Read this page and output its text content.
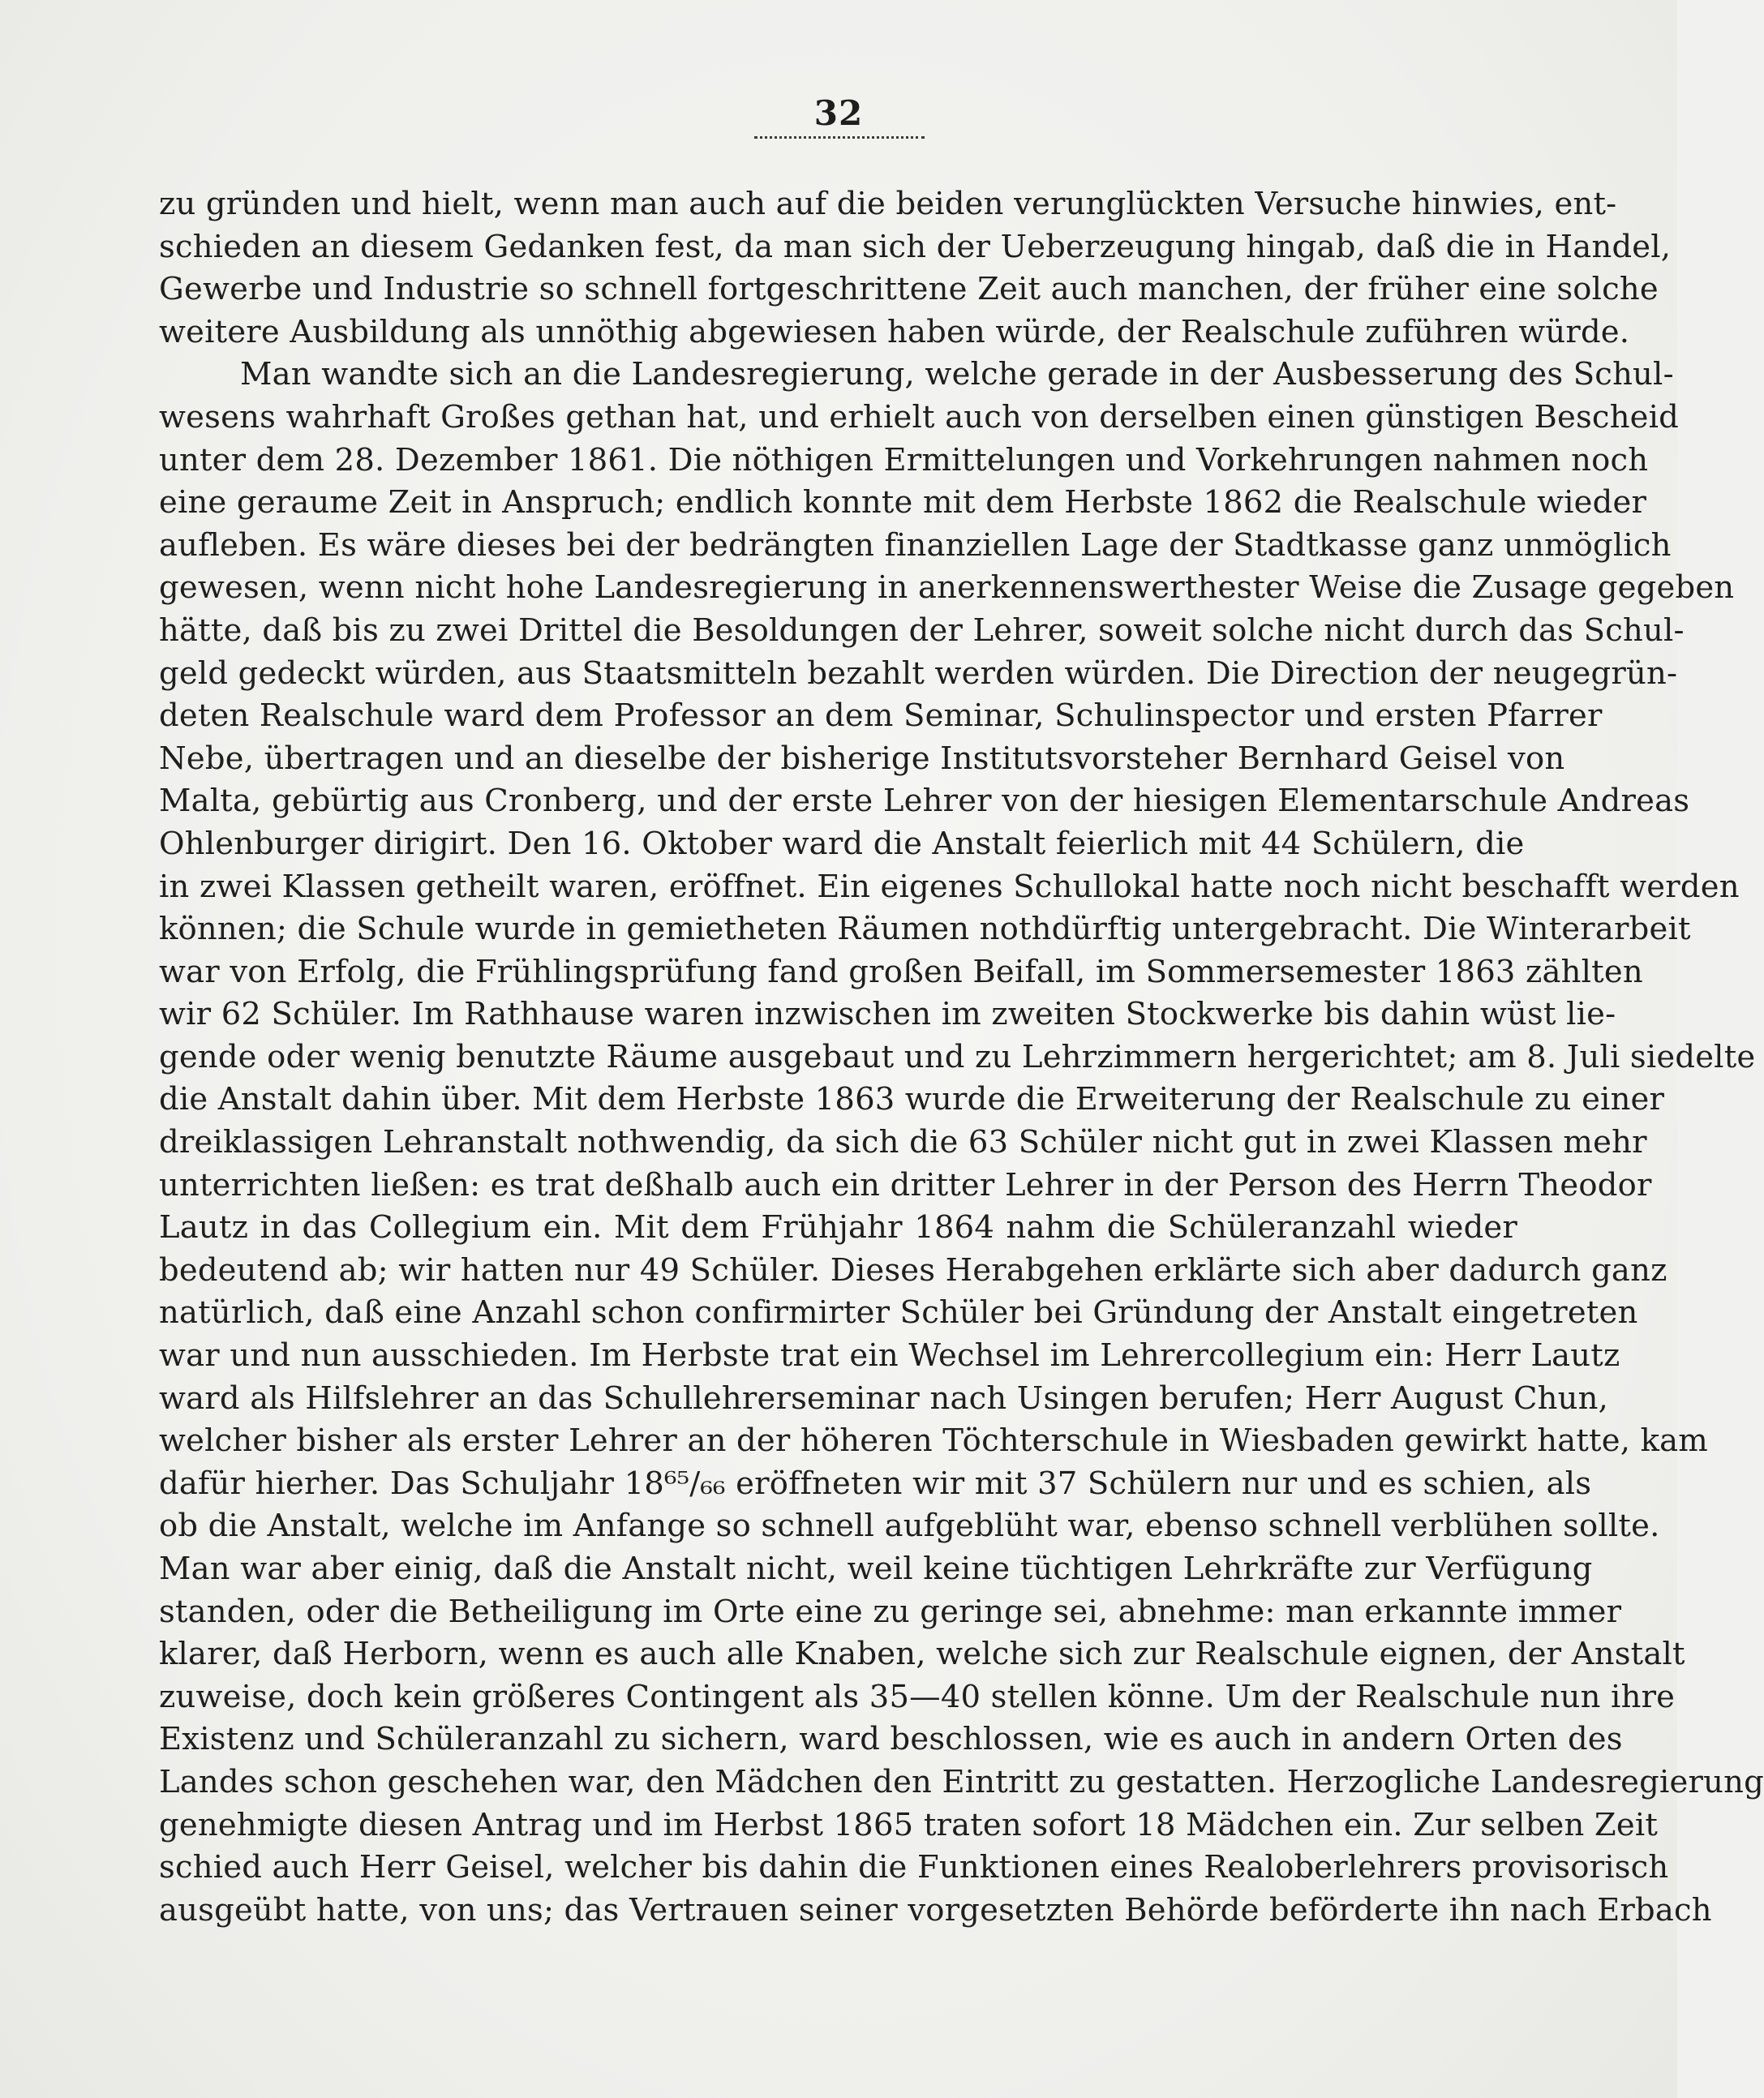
32
zu gründen und hielt, wenn man auch auf die beiden verunglückten Versuche hinwies, ent-
schieden an diesem Gedanken fest, da man sich der Ueberzeugung hingab, daß die in Handel,
Gewerbe und Industrie so schnell fortgeschrittene Zeit auch manchen, der früher eine solche
weitere Ausbildung als unnöthig abgewiesen haben würde, der Realschule zuführen würde.
Man wandte sich an die Landesregierung, welche gerade in der Ausbesserung des Schul-
wesens wahrhaft Großes gethan hat, und erhielt auch von derselben einen günstigen Bescheid
unter dem 28. Dezember 1861. Die nöthigen Ermittelungen und Vorkehrungen nahmen noch
eine geraume Zeit in Anspruch; endlich konnte mit dem Herbste 1862 die Realschule wieder
aufleben. Es wäre dieses bei der bedrängten finanziellen Lage der Stadtkasse ganz unmöglich
gewesen, wenn nicht hohe Landesregierung in anerkennenswerthester Weise die Zusage gegeben
hätte, daß bis zu zwei Drittel die Besoldungen der Lehrer, soweit solche nicht durch das Schul-
geld gedeckt würden, aus Staatsmitteln bezahlt werden würden. Die Direction der neugegrün-
deten Realschule ward dem Professor an dem Seminar, Schulinspector und ersten Pfarrer
Nebe, übertragen und an dieselbe der bisherige Institutsvorsteher Bernhard Geisel von
Malta, gebürtig aus Cronberg, und der erste Lehrer von der hiesigen Elementarschule Andreas
Ohlenburger dirigirt. Den 16. Oktober ward die Anstalt feierlich mit 44 Schülern, die
in zwei Klassen getheilt waren, eröffnet. Ein eigenes Schullokal hatte noch nicht beschafft werden
können; die Schule wurde in gemietheten Räumen nothdürftig untergebracht. Die Winterarbeit
war von Erfolg, die Frühlingsprüfung fand großen Beifall, im Sommersemester 1863 zählten
wir 62 Schüler. Im Rathhause waren inzwischen im zweiten Stockwerke bis dahin wüst lie-
gende oder wenig benutzte Räume ausgebaut und zu Lehrzimmern hergerichtet; am 8. Juli siedelte
die Anstalt dahin über. Mit dem Herbste 1863 wurde die Erweiterung der Realschule zu einer
dreiklassigen Lehranstalt nothwendig, da sich die 63 Schüler nicht gut in zwei Klassen mehr
unterrichten ließen: es trat deßhalb auch ein dritter Lehrer in der Person des Herrn Theodor
Lautz in das Collegium ein. Mit dem Frühjahr 1864 nahm die Schüleranzahl wieder
bedeutend ab; wir hatten nur 49 Schüler. Dieses Herabgehen erklärte sich aber dadurch ganz
natürlich, daß eine Anzahl schon confirmirter Schüler bei Gründung der Anstalt eingetreten
war und nun ausschieden. Im Herbste trat ein Wechsel im Lehrercollegium ein: Herr Lautz
ward als Hilfslehrer an das Schullehrerseminar nach Usingen berufen; Herr August Chun,
welcher bisher als erster Lehrer an der höheren Töchterschule in Wiesbaden gewirkt hatte, kam
dafür hierher. Das Schuljahr 18⁶⁵/₆₆ eröffneten wir mit 37 Schülern nur und es schien, als
ob die Anstalt, welche im Anfange so schnell aufgeblüht war, ebenso schnell verblühen sollte.
Man war aber einig, daß die Anstalt nicht, weil keine tüchtigen Lehrkräfte zur Verfügung
standen, oder die Betheiligung im Orte eine zu geringe sei, abnehme: man erkannte immer
klarer, daß Herborn, wenn es auch alle Knaben, welche sich zur Realschule eignen, der Anstalt
zuweise, doch kein größeres Contingent als 35—40 stellen könne. Um der Realschule nun ihre
Existenz und Schüleranzahl zu sichern, ward beschlossen, wie es auch in andern Orten des
Landes schon geschehen war, den Mädchen den Eintritt zu gestatten. Herzogliche Landesregierung
genehmigte diesen Antrag und im Herbst 1865 traten sofort 18 Mädchen ein. Zur selben Zeit
schied auch Herr Geisel, welcher bis dahin die Funktionen eines Realoberlehrers provisorisch
ausgeübt hatte, von uns; das Vertrauen seiner vorgesetzten Behörde beförderte ihn nach Erbach
